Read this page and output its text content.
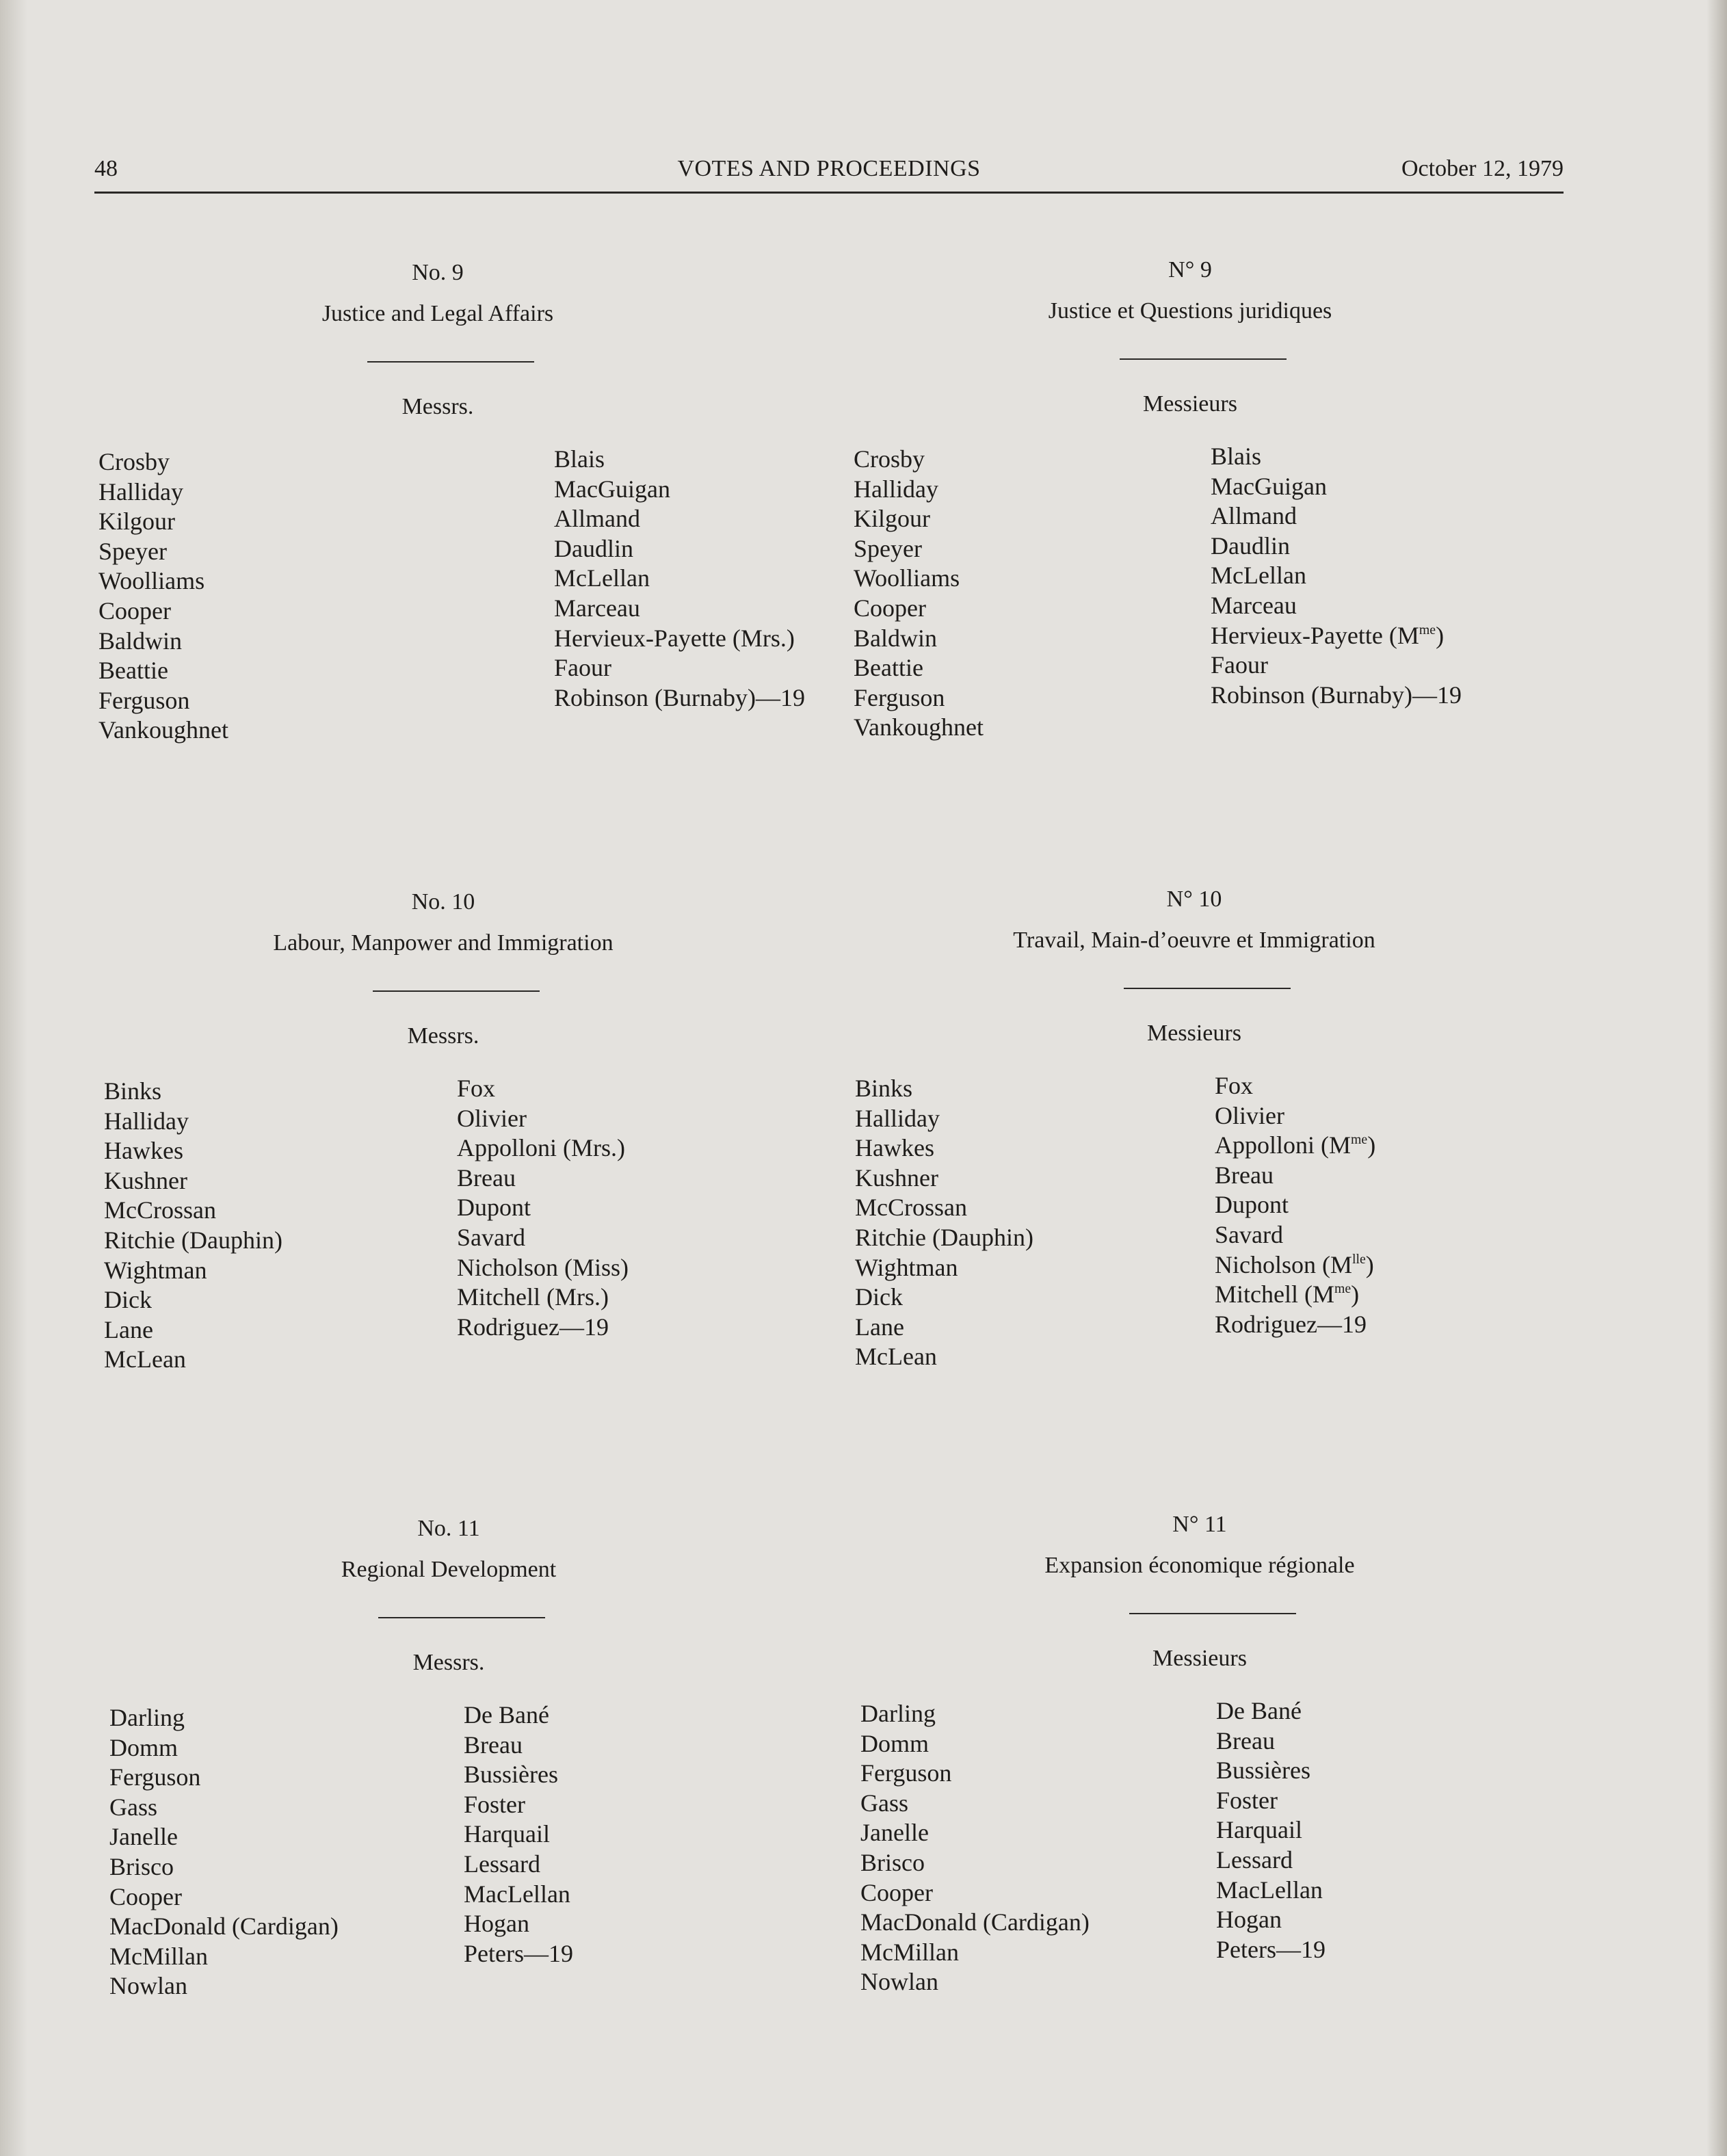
48	VOTES AND PROCEEDINGS	October 12, 1979
No. 9
Justice and Legal Affairs
Messrs.
Crosby
Halliday
Kilgour
Speyer
Woolliams
Cooper
Baldwin
Beattie
Ferguson
Vankoughnet
Blais
MacGuigan
Allmand
Daudlin
McLellan
Marceau
Hervieux-Payette (Mrs.)
Faour
Robinson (Burnaby)—19
N° 9
Justice et Questions juridiques
Messieurs
Crosby
Halliday
Kilgour
Speyer
Woolliams
Cooper
Baldwin
Beattie
Ferguson
Vankoughnet
Blais
MacGuigan
Allmand
Daudlin
McLellan
Marceau
Hervieux-Payette $(M^{me})$
Faour
Robinson (Burnaby)—19
No. 10
Labour, Manpower and Immigration
Messrs.
Binks
Halliday
Hawkes
Kushner
McCrossan
Ritchie (Dauphin)
Wightman
Dick
Lane
McLean
Fox
Olivier
Appolloni (Mrs.)
Breau
Dupont
Savard
Nicholson (Miss)
Mitchell (Mrs.)
Rodriguez—19
N° 10
Travail, Main-d’oeuvre et Immigration
Messieurs
Binks
Halliday
Hawkes
Kushner
McCrossan
Ritchie (Dauphin)
Wightman
Dick
Lane
McLean
Fox
Olivier
Appolloni $(M^{me})$
Breau
Dupont
Savard
Nicholson $(M^{lle})$
Mitchell $(M^{me})$
Rodriguez—19
No. 11
Regional Development
Messrs.
Darling
Domm
Ferguson
Gass
Janelle
Brisco
Cooper
MacDonald (Cardigan)
McMillan
Nowlan
De Bané
Breau
Bussières
Foster
Harquail
Lessard
MacLellan
Hogan
Peters—19
N° 11
Expansion économique régionale
Messieurs
Darling
Domm
Ferguson
Gass
Janelle
Brisco
Cooper
MacDonald (Cardigan)
McMillan
Nowlan
De Bané
Breau
Bussières
Foster
Harquail
Lessard
MacLellan
Hogan
Peters—19
